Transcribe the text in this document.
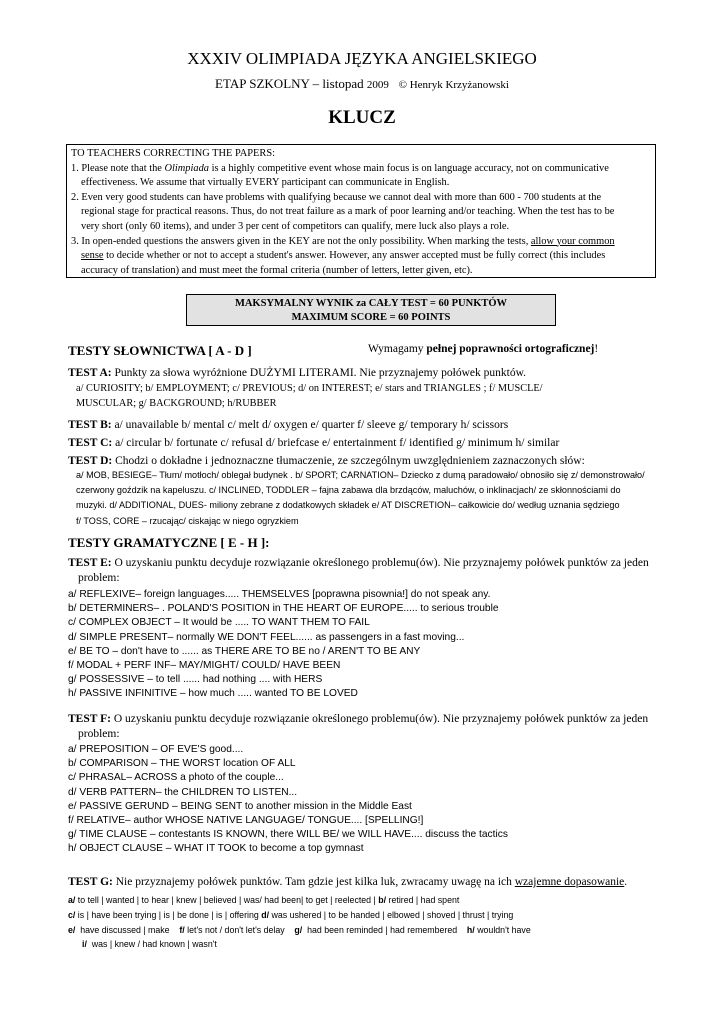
XXXIV OLIMPIADA JĘZYKA ANGIELSKIEGO
ETAP SZKOLNY – listopad 2009 © Henryk Krzyżanowski
KLUCZ

TO TEACHERS CORRECTING THE PAPERS:

1. Please note that the Olimpiada is a highly competitive event whose main focus is on language accuracy, not on communicative

effectiveness. We assume that virtually EVERY participant can communicate in English.

2. Even very good students can have problems with qualifying because we cannot deal with more than 600 - 700 students at the

regional stage for practical reasons. Thus, do not treat failure as a mark of poor learning and/or teaching. When the test has to be

very short (only 60 items), and under 3 per cent of competitors can qualify, mere luck also plays a role.

3. In open-ended questions the answers given in the KEY are not the only possibility. When marking the tests, allow your common

sense to decide whether or not to accept a student's answer. However, any answer accepted must be fully correct (this includes

accuracy of translation) and must meet the formal criteria (number of letters, letter given, etc).

MAKSYMALNY WYNIK za CAŁY TEST = 60 PUNKTÓW
MAXIMUM SCORE = 60 POINTS
TESTY SŁOWNICTWA [ A - D ]	Wymagamy pełnej poprawności ortograficznej!

TEST A: Punkty za słowa wyróżnione DUŻYMI LITERAMI. Nie przyznajemy połówek punktów.

a/ CURIOSITY; b/ EMPLOYMENT; c/ PREVIOUS; d/ on INTEREST; e/ stars and TRIANGLES ; f/ MUSCLE/

MUSCULAR; g/ BACKGROUND; h/RUBBER

TEST B: a/ unavailable b/ mental c/ melt d/ oxygen e/ quarter f/ sleeve g/ temporary h/ scissors

TEST C: a/ circular b/ fortunate c/ refusal d/ briefcase e/ entertainment f/ identified g/ minimum h/ similar

TEST D: Chodzi o dokładne i jednoznaczne tłumaczenie, ze szczególnym uwzględnieniem zaznaczonych słów:

a/ MOB, BESIEGE– Tłum/ motłoch/ oblegał budynek . b/ SPORT; CARNATION– Dziecko z dumą paradowało/ obnosiło się z/ demonstrowało/

czerwony goździk na kapeluszu. c/ INCLINED, TODDLER – fajna zabawa dla brzdąców, maluchów, o inklinacjach/ ze skłonnościami do

muzyki. d/ ADDITIONAL, DUES- miliony zebrane z dodatkowych składek e/ AT DISCRETION– całkowicie do/ według uznania sędziego

f/ TOSS, CORE – rzucając/ ciskając w niego ogryzkiem

TESTY GRAMATYCZNE [ E - H ]:

TEST E: O uzyskaniu punktu decyduje rozwiązanie określonego problemu(ów). Nie przyznajemy połówek punktów za jeden

problem:

a/ REFLEXIVE– foreign languages..... THEMSELVES [poprawna pisownia!] do not speak any.

b/ DETERMINERS– . POLAND'S POSITION in THE HEART OF EUROPE..... to serious trouble

c/ COMPLEX OBJECT – It would be ..... TO WANT THEM TO FAIL

d/ SIMPLE PRESENT– normally WE DON'T FEEL...... as passengers in a fast moving...

e/ BE TO – don't have to ...... as THERE ARE TO BE no / AREN'T TO BE ANY

f/ MODAL + PERF INF– MAY/MIGHT/ COULD/ HAVE BEEN

g/ POSSESSIVE – to tell ...... had nothing .... with HERS

h/ PASSIVE INFINITIVE – how much ..... wanted TO BE LOVED

TEST F: O uzyskaniu punktu decyduje rozwiązanie określonego problemu(ów). Nie przyznajemy połówek punktów za jeden

problem:

a/ PREPOSITION – OF EVE'S good....

b/ COMPARISON – THE WORST location OF ALL

c/ PHRASAL– ACROSS a photo of the couple...

d/ VERB PATTERN– the CHILDREN TO LISTEN...

e/ PASSIVE GERUND – BEING SENT to another mission in the Middle East

f/ RELATIVE– author WHOSE NATIVE LANGUAGE/ TONGUE.... [SPELLING!]

g/ TIME CLAUSE – contestants IS KNOWN, there WILL BE/ we WILL HAVE.... discuss the tactics

h/ OBJECT CLAUSE – WHAT IT TOOK to become a top gymnast

TEST G: Nie przyznajemy połówek punktów. Tam gdzie jest kilka luk, zwracamy uwagę na ich wzajemne dopasowanie.

a/ to tell | wanted | to hear | knew | believed | was/ had been| to get | reelected | b/ retired | had spent

c/ is | have been trying | is | be done | is | offering d/ was ushered | to be handed | elbowed | shoved | thrust | trying

e/ have discussed | make f/ let's not / don't let's delay g/ had been reminded | had remembered h/ wouldn't have

i/ was | knew / had known | wasn't
